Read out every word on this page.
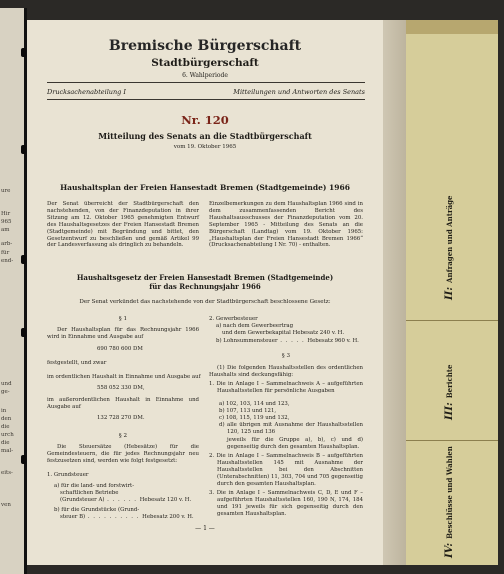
ure
Hir
965
am
arb-
für
end-
und
ge-
in
den
die
urch
die
mal-
eits-
ven
Bremische Bürgerschaft
Stadtbürgerschaft
6. Wahlperiode
Drucksachenabteilung I	Mitteilungen und Antworten des Senats
Nr. 120
Mitteilung des Senats an die Stadtbürgerschaft
vom 19. Oktober 1965
Haushaltsplan der Freien Hansestadt Bremen (Stadtgemeinde) 1966
Der Senat überreicht der Stadtbürgerschaft den nachstehenden, von der Finanzdeputation in ihrer Sitzung am 12. Oktober 1965 genehmigten Entwurf des Haushaltsgesetzes der Freien Hansestadt Bremen (Stadtgemeinde) mit Begründung und bittet, den Gesetzentwurf zu beschließen und gemäß Artikel 99 der Landesverfassung als dringlich zu behandeln.
Einzelbemerkungen zu dem Haushaltsplan 1966 sind in dem zusammenfassenden Bericht des Haushaltsausschusses der Finanzdeputation vom 20. September 1965 - Mitteilung des Senats an die Bürgerschaft (Landtag) vom 19. Oktober 1965: „Haushaltsplan der Freien Hansestadt Bremen 1966“ (Drucksachenabteilung I Nr. 70) - enthalten.
Haushaltsgesetz der Freien Hansestadt Bremen (Stadtgemeinde)
für das Rechnungsjahr 1966
Der Senat verkündet das nachstehende von der Stadtbürgerschaft beschlossene Gesetz:
§ 1
Der Haushaltsplan für das Rechnungsjahr 1966 wird in Einnahme und Ausgabe auf
690 780 600 DM
festgestellt, und zwar
im ordentlichen Haushalt in Einnahme und Ausgabe auf
558 052 330 DM,
im außerordentlichen Haushalt in Einnahme und Ausgabe auf
132 728 270 DM.
§ 2
Die Steuersätze (Hebesätze) für die Gemeindesteuern, die für jedes Rechnungsjahr neu festzusetzen sind, werden wie folgt festgesetzt:
1. Grundsteuer
a) für die land- und forstwirt-
schaftlichen Betriebe
(Grundsteuer A) . . . . . . Hebesatz 120 v. H.
b) für die Grundstücke (Grund-
steuer B) . . . . . . . . . . Hebesatz 200 v. H.
2. Gewerbesteuer
a) nach dem Gewerbeertrag
und dem Gewerbekapital Hebesatz 240 v. H.
b) Lohnsummensteuer . . . . . Hebesatz 960 v. H.
§ 3
(1) Die folgenden Haushaltsstellen des ordentlichen Haushalts sind deckungsfähig:
1. Die in Anlage I – Sammelnachweis A – aufgeführten Haushaltsstellen für persönliche Ausgaben
a) 102, 103, 114 und 123,
b) 107, 113 und 121,
c) 108, 115, 119 und 132,
d) alle übrigen mit Ausnahme der Haushaltsstellen 120, 125 und 136
jeweils für die Gruppe a), b), c) und d) gegenseitig durch den gesamten Haushaltsplan.
2. Die in Anlage I – Sammelnachweis B – aufgeführten Haushaltsstellen 145 mit Ausnahme der Haushaltsstellen bei den Abschnitten (Unterabschnitten) 11, 303, 704 und 705 gegenseitig durch den gesamten Haushaltsplan.
3. Die in Anlage I – Sammelnachweis C, D, E und F – aufgeführten Haushaltsstellen 160, 190 N, 174, 184 und 191 jeweils für sich gegenseitig durch den gesamten Haushaltsplan.
— 1 —
II:Anfragen und Anträge
III:Berichte
IV:Beschlüsse und Wahlen
